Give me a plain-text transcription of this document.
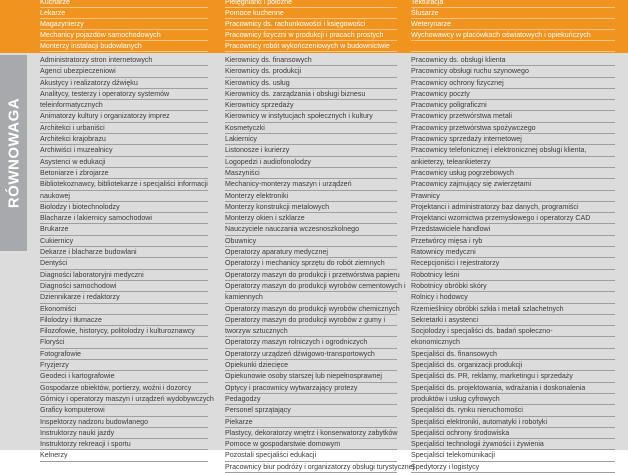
Kucharze
Lekarze
Magazynierzy
Mechanicy pojazdów samochodowych
Monterzy instalacji budowlanych
Pielęgniarki i położne
Pomoce kuchenne
Pracownicy ds. rachunkowości i księgowości
Pracownicy fizyczni w produkcji i pracach prostych
Pracownicy robót wykończeniowych w budownictwie
Tekturacja
Ślusarze
Weterynarze
Wychowawcy w placówkach oświatowych i opiekuńczych
Administratorzy stron internetowych
Agenci ubezpieczeniowi
Akustycy i realizatorzy dźwięku
Analitycy, testerzy i operatorzy systemów
teleinformatycznych
Animatorzy kultury i organizatorzy imprez
Architekci i urbaniści
Architekci krajobrazu
Archiwiści i muzealnicy
Asystenci w edukacji
Betoniarze i zbrojarze
Bibliotekoznawcy, bibliotekarze i specjaliści informacji
naukowej
Biolodzy i biotechnolodzy
Blacharze i lakiernicy samochodowi
Brukarze
Cukiernicy
Dekarze i blacharze budowlani
Dentyści
Diagności laboratoryjni medyczni
Diagności samochodowi
Dziennikarze i redaktorzy
Ekonomiści
Filolodzy i tłumacze
Filozofowie, historycy, politolodzy i kulturoznawcy
Floryści
Fotografowie
Fryzjerzy
Geodeci i kartografowie
Gospodarze obiektów, portierzy, woźni i dozorcy
Górnicy i operatorzy maszyn i urządzeń wydobywczych
Graficy komputerowi
Inspektorzy nadzoru budowlanego
Instruktorzy nauki jazdy
Instruktorzy rekreacji i sportu
Kelnerzy
Kierownicy ds. finansowych
Kierownicy ds. produkcji
Kierownicy ds. usług
Kierownicy ds. zarządzania i obsługi biznesu
Kierownicy sprzedaży
Kierownicy w instytucjach społecznych i kultury
Kosmetyczki
Lakiernicy
Listonosze i kurierzy
Logopedzi i audiofonolodzy
Maszyniści
Mechanicy-monterzy maszyn i urządzeń
Monterzy elektroniki
Monterzy konstrukcji metalowych
Monterzy okien i szklarze
Nauczyciele nauczania wczesnoszkolnego
Obuwnicy
Operatorzy aparatury medycznej
Operatorzy i mechanicy sprzętu do robót ziemnych
Operatorzy maszyn do produkcji i przetwórstwa papieru
Operatorzy maszyn do produkcji wyrobów cementowych i
kamiennych
Operatorzy maszyn do produkcji wyrobów chemicznych
Operatorzy maszyn do produkcji wyrobów z gumy i
tworzyw sztucznych
Operatorzy maszyn rolniczych i ogrodniczych
Operatorzy urządzeń dźwigowo-transportowych
Opiekunki dziecięce
Opiekunowie osoby starszej lub niepełnosprawnej
Optycy i pracownicy wytwarzający protezy
Pedagodzy
Personel sprzątający
Piekarze
Plastycy, dekoratorzy wnętrz i konserwatorzy zabytków
Pomoce w gospodarstwie domowym
Pozostali specjaliści edukacji
Pracownicy biur podróży i organizatorzy obsługi turystycznej
Pracownicy ds. obsługi klienta
Pracownicy obsługi ruchu szynowego
Pracownicy ochrony fizycznej
Pracownicy poczty
Pracownicy poligraficzni
Pracownicy przetwórstwa metali
Pracownicy przetwórstwa spożywczego
Pracownicy sprzedaży internetowej
Pracownicy telefonicznej i elektronicznej obsługi klienta,
ankieterzy, teleankieterzy
Pracownicy usług pogrzebowych
Pracownicy zajmujący się zwierzętami
Prawnicy
Projektanci i administratorzy baz danych, programiści
Projektanci wzornictwa przemysłowego i operatorzy CAD
Przedstawiciele handlowi
Przetwórcy mięsa i ryb
Ratownicy medyczni
Recepcjoniści i rejestratorzy
Robotnicy leśni
Robotnicy obróbki skóry
Rolnicy i hodowcy
Rzemieślnicy obróbki szkła i metali szlachetnych
Sekretarki i asystenci
Socjolodzy i specjaliści ds. badań społeczno-
ekonomicznych
Specjaliści ds. finansowych
Specjaliści ds. organizacji produkcji
Specjaliści ds. PR, reklamy, marketingu i sprzedaży
Specjaliści ds. projektowania, wdrażania i doskonalenia
produktów i usług cyfrowych
Specjaliści ds. rynku nieruchomości
Specjaliści elektroniki, automatyki i robotyki
Specjaliści ochrony środowiska
Specjaliści technologii żywności i żywienia
Specjaliści telekomunikacji
Spedytorzy i logistycy
RÓWNOWAGA
